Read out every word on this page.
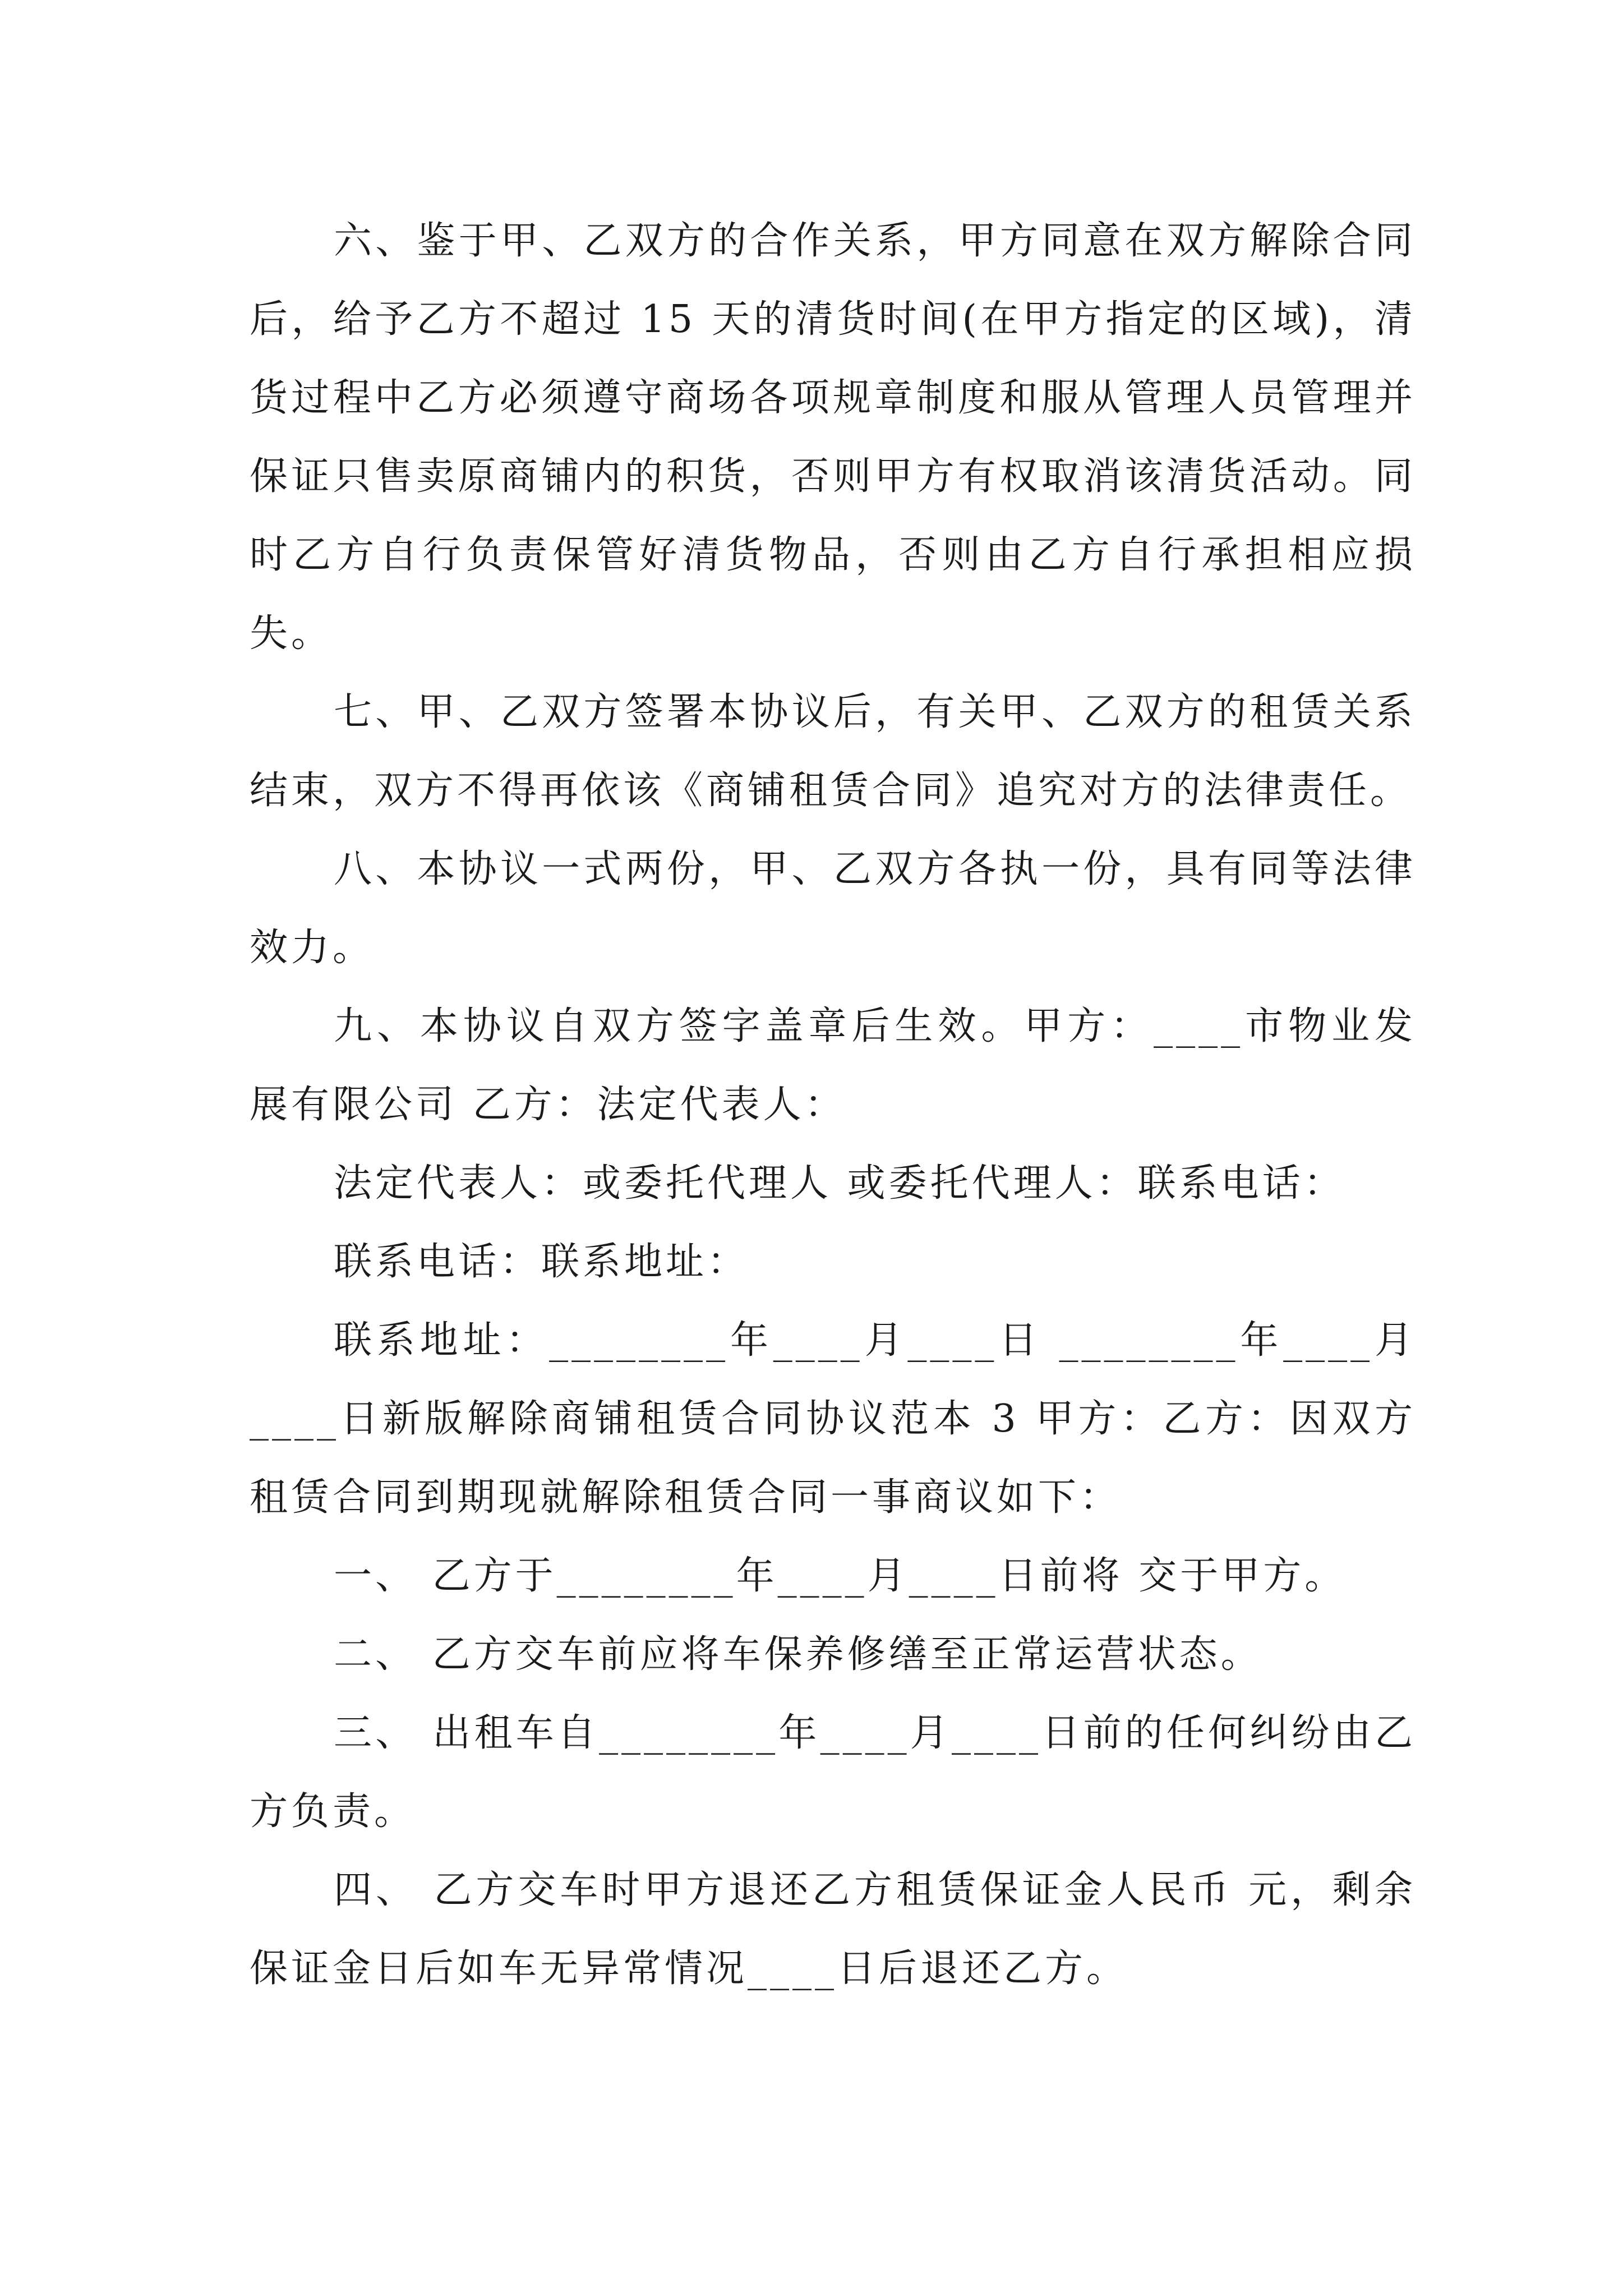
六、鉴于甲、乙双方的合作关系，甲方同意在双方解除合同后，给予乙方不超过 15 天的清货时间(在甲方指定的区域)，清货过程中乙方必须遵守商场各项规章制度和服从管理人员管理并保证只售卖原商铺内的积货，否则甲方有权取消该清货活动。同时乙方自行负责保管好清货物品，否则由乙方自行承担相应损失。

七、甲、乙双方签署本协议后，有关甲、乙双方的租赁关系结束，双方不得再依该《商铺租赁合同》追究对方的法律责任。

八、本协议一式两份，甲、乙双方各执一份，具有同等法律效力。

九、本协议自双方签字盖章后生效。甲方：____市物业发展有限公司 乙方：法定代表人：

法定代表人：或委托代理人 或委托代理人：联系电话：

联系电话：联系地址：

联系地址：________年____月____日 ________年____月____日新版解除商铺租赁合同协议范本 3 甲方：乙方：因双方租赁合同到期现就解除租赁合同一事商议如下：

一、 乙方于________年____月____日前将 交于甲方。

二、 乙方交车前应将车保养修缮至正常运营状态。

三、 出租车自________年____月____日前的任何纠纷由乙方负责。

四、 乙方交车时甲方退还乙方租赁保证金人民币 元，剩余保证金日后如车无异常情况____日后退还乙方。
